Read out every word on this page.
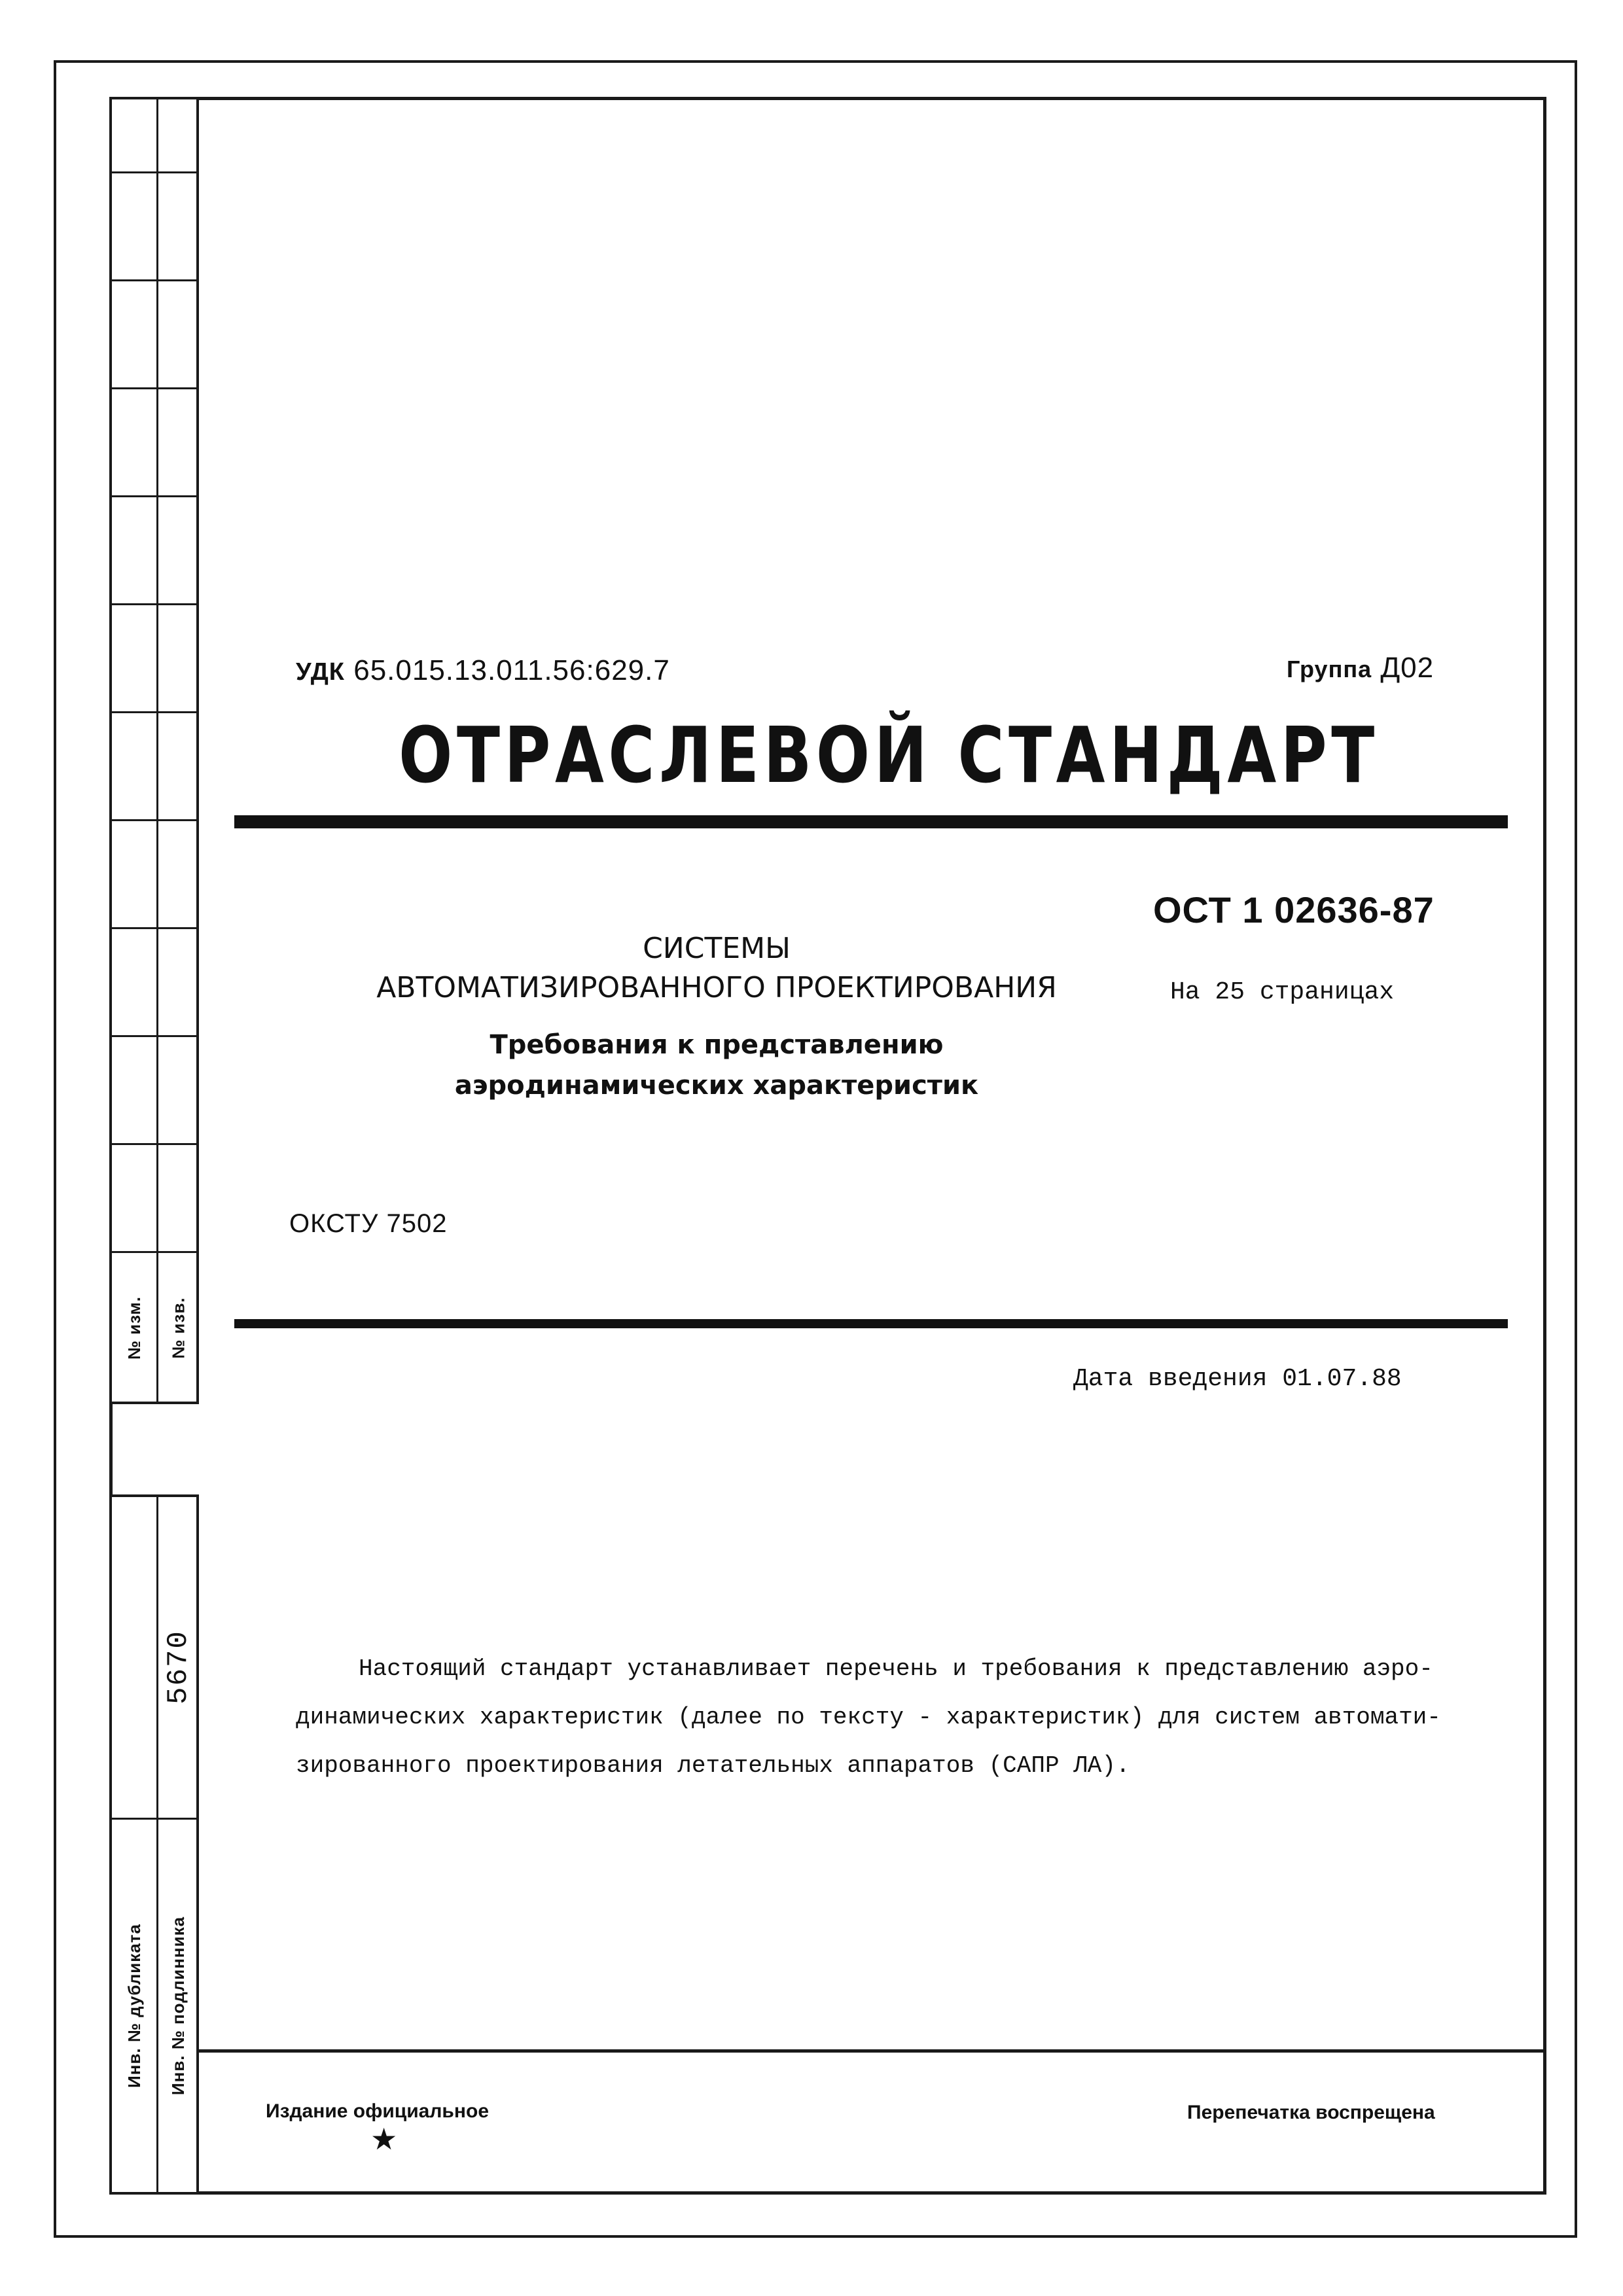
№ изм. № изв.
5670
Инв. № дубликата Инв. № подлинника
УДК 65.015.13.011.56:629.7	Группа Д02
ОТРАСЛЕВОЙ СТАНДАРТ
ОСТ 1 02636-87
На 25 страницах
СИСТЕМЫ
АВТОМАТИЗИРОВАННОГО ПРОЕКТИРОВАНИЯ
Требования к представлению
аэродинамических характеристик
ОКСТУ 7502
Дата введения 01.07.88
Настоящий стандарт устанавливает перечень и требования к представлению аэро-
динамических характеристик (далее по тексту - характеристик) для систем автомати-
зированного проектирования летательных аппаратов (САПР ЛА).
Издание официальное
★
Перепечатка воспрещена
